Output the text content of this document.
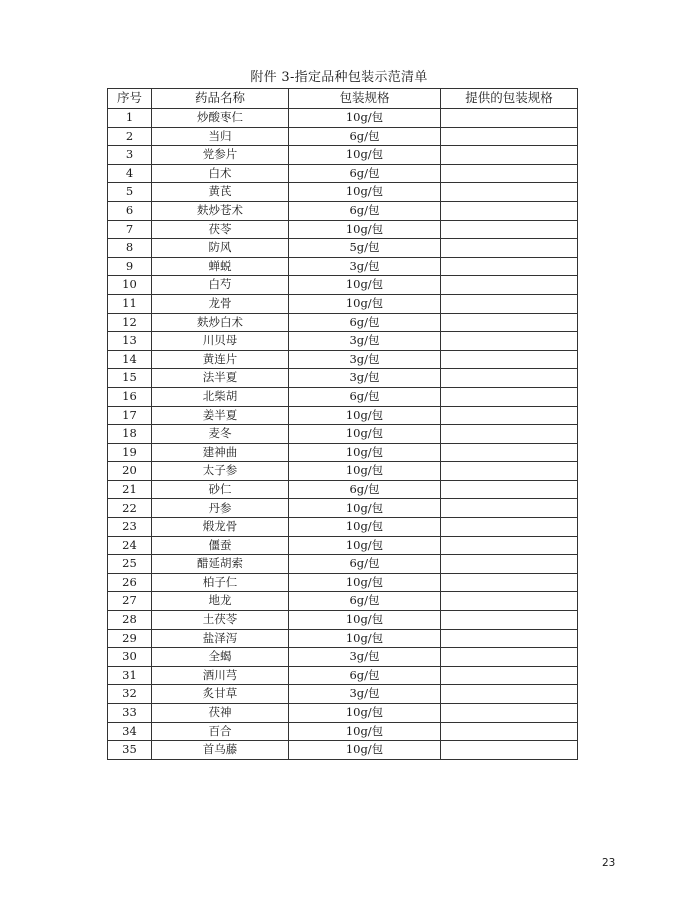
附件 3-指定品种包装示范清单
序号	药品名称	包装规格	提供的包装规格
1	炒酸枣仁	10g/包	
2	当归	6g/包	
3	党参片	10g/包	
4	白术	6g/包	
5	黄芪	10g/包	
6	麸炒苍术	6g/包	
7	茯苓	10g/包	
8	防风	5g/包	
9	蝉蜕	3g/包	
10	白芍	10g/包	
11	龙骨	10g/包	
12	麸炒白术	6g/包	
13	川贝母	3g/包	
14	黄连片	3g/包	
15	法半夏	3g/包	
16	北柴胡	6g/包	
17	姜半夏	10g/包	
18	麦冬	10g/包	
19	建神曲	10g/包	
20	太子参	10g/包	
21	砂仁	6g/包	
22	丹参	10g/包	
23	煅龙骨	10g/包	
24	僵蚕	10g/包	
25	醋延胡索	6g/包	
26	柏子仁	10g/包	
27	地龙	6g/包	
28	土茯苓	10g/包	
29	盐泽泻	10g/包	
30	全蝎	3g/包	
31	酒川芎	6g/包	
32	炙甘草	3g/包	
33	茯神	10g/包	
34	百合	10g/包	
35	首乌藤	10g/包	
23
